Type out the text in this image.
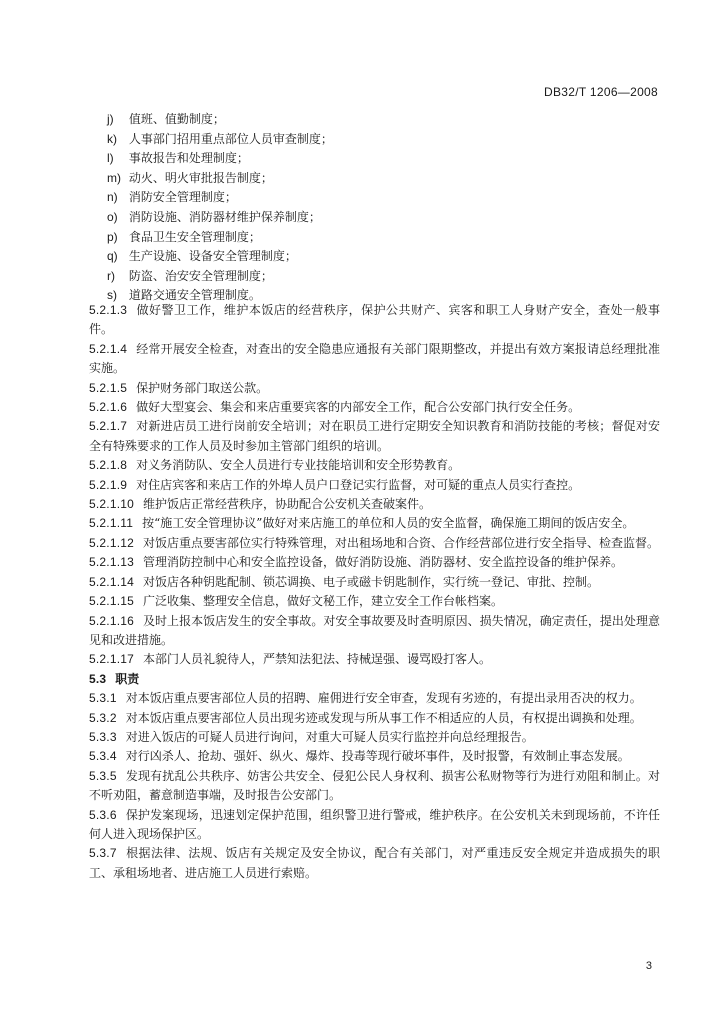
DB32/T 1206—2008
j) 值班、值勤制度；
k) 人事部门招用重点部位人员审查制度；
l) 事故报告和处理制度；
m) 动火、明火审批报告制度；
n) 消防安全管理制度；
o) 消防设施、消防器材维护保养制度；
p) 食品卫生安全管理制度；
q) 生产设施、设备安全管理制度；
r) 防盗、治安安全管理制度；
s) 道路交通安全管理制度。

5.2.1.3 做好警卫工作，维护本饭店的经营秩序，保护公共财产、宾客和职工人身财产安全，查处一般事件。

5.2.1.4 经常开展安全检查，对查出的安全隐患应通报有关部门限期整改，并提出有效方案报请总经理批准实施。

5.2.1.5 保护财务部门取送公款。

5.2.1.6 做好大型宴会、集会和来店重要宾客的内部安全工作，配合公安部门执行安全任务。

5.2.1.7 对新进店员工进行岗前安全培训；对在职员工进行定期安全知识教育和消防技能的考核；督促对安全有特殊要求的工作人员及时参加主管部门组织的培训。

5.2.1.8 对义务消防队、安全人员进行专业技能培训和安全形势教育。

5.2.1.9 对住店宾客和来店工作的外埠人员户口登记实行监督，对可疑的重点人员实行查控。

5.2.1.10 维护饭店正常经营秩序，协助配合公安机关查破案件。

5.2.1.11 按“施工安全管理协议”做好对来店施工的单位和人员的安全监督，确保施工期间的饭店安全。

5.2.1.12 对饭店重点要害部位实行特殊管理，对出租场地和合资、合作经营部位进行安全指导、检查监督。

5.2.1.13 管理消防控制中心和安全监控设备，做好消防设施、消防器材、安全监控设备的维护保养。

5.2.1.14 对饭店各种钥匙配制、锁芯调换、电子或磁卡钥匙制作，实行统一登记、审批、控制。

5.2.1.15 广泛收集、整理安全信息，做好文秘工作，建立安全工作台帐档案。

5.2.1.16 及时上报本饭店发生的安全事故。对安全事故要及时查明原因、损失情况，确定责任，提出处理意见和改进措施。

5.2.1.17 本部门人员礼貌待人，严禁知法犯法、持械逞强、谩骂殴打客人。

5.3 职责

5.3.1 对本饭店重点要害部位人员的招聘、雇佣进行安全审查，发现有劣迹的，有提出录用否决的权力。

5.3.2 对本饭店重点要害部位人员出现劣迹或发现与所从事工作不相适应的人员，有权提出调换和处理。

5.3.3 对进入饭店的可疑人员进行询问，对重大可疑人员实行监控并向总经理报告。

5.3.4 对行凶杀人、抢劫、强奸、纵火、爆炸、投毒等现行破坏事件，及时报警，有效制止事态发展。

5.3.5 发现有扰乱公共秩序、妨害公共安全、侵犯公民人身权利、损害公私财物等行为进行劝阻和制止。对不听劝阻，蓄意制造事端，及时报告公安部门。

5.3.6 保护发案现场，迅速划定保护范围，组织警卫进行警戒，维护秩序。在公安机关未到现场前，不许任何人进入现场保护区。

5.3.7 根据法律、法规、饭店有关规定及安全协议，配合有关部门，对严重违反安全规定并造成损失的职工、承租场地者、进店施工人员进行索赔。

3
